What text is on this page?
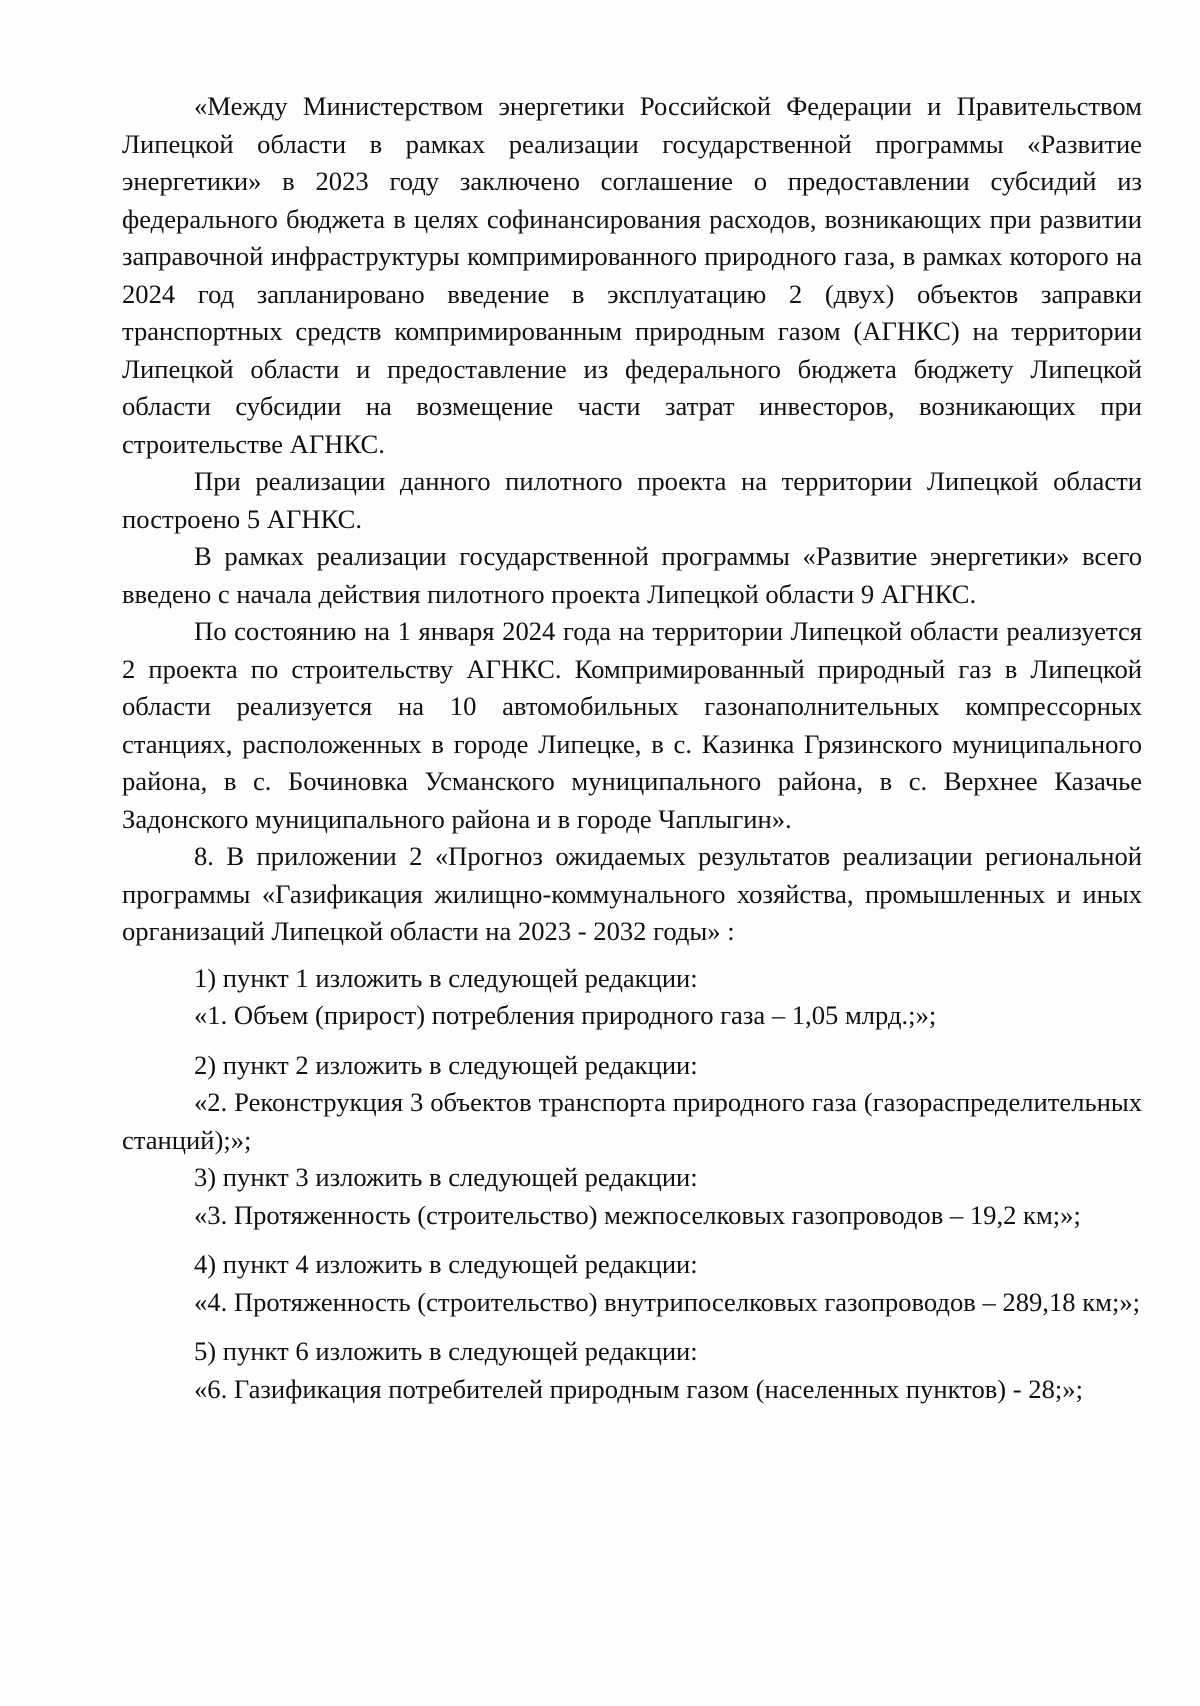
«Между Министерством энергетики Российской Федерации и Правительством Липецкой области в рамках реализации государственной программы «Развитие энергетики» в 2023 году заключено соглашение о предоставлении субсидий из федерального бюджета в целях софинансирования расходов, возникающих при развитии заправочной инфраструктуры компримированного природного газа, в рамках которого на 2024 год запланировано введение в эксплуатацию 2 (двух) объектов заправки транспортных средств компримированным природным газом (АГНКС) на территории Липецкой области и предоставление из федерального бюджета бюджету Липецкой области субсидии на возмещение части затрат инвесторов, возникающих при строительстве АГНКС.

При реализации данного пилотного проекта на территории Липецкой области построено 5 АГНКС.

В рамках реализации государственной программы «Развитие энергетики» всего введено с начала действия пилотного проекта Липецкой области 9 АГНКС.

По состоянию на 1 января 2024 года на территории Липецкой области реализуется 2 проекта по строительству АГНКС. Компримированный природный газ в Липецкой области реализуется на 10 автомобильных газонаполнительных компрессорных станциях, расположенных в городе Липецке, в с. Казинка Грязинского муниципального района, в с. Бочиновка Усманского муниципального района, в с. Верхнее Казачье Задонского муниципального района и в городе Чаплыгин».

8. В приложении 2 «Прогноз ожидаемых результатов реализации региональной программы «Газификация жилищно-коммунального хозяйства, промышленных и иных организаций Липецкой области на 2023 - 2032 годы» :

1) пункт 1 изложить в следующей редакции:

«1. Объем (прирост) потребления природного газа – 1,05 млрд.;»;

2) пункт 2 изложить в следующей редакции:

«2. Реконструкция 3 объектов транспорта природного газа (газораспределительных станций);»;

3) пункт 3 изложить в следующей редакции:

«3. Протяженность (строительство) межпоселковых газопроводов – 19,2 км;»;

4) пункт 4 изложить в следующей редакции:

«4. Протяженность (строительство) внутрипоселковых газопроводов – 289,18 км;»;

5) пункт 6 изложить в следующей редакции:

«6. Газификация потребителей природным газом (населенных пунктов) - 28;»;
